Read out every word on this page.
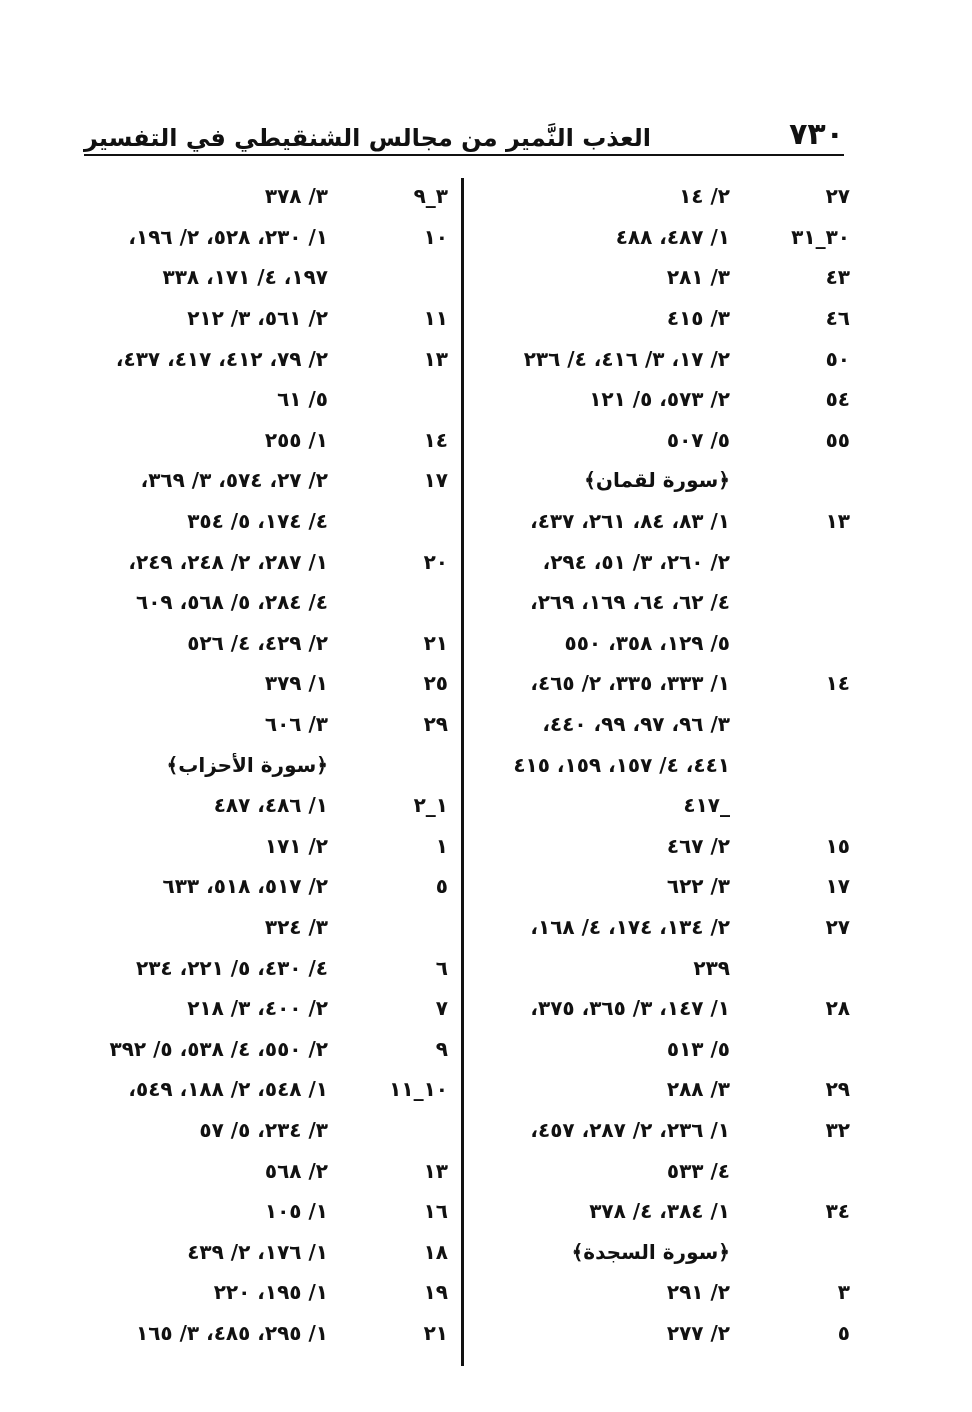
٧٣٠
العذب النَّمير من مجالس الشنقيطي في التفسير
٢٧
٢/ ١٤
٣٠_٣١
١/ ٤٨٧، ٤٨٨
٤٣
٣/ ٢٨١
٤٦
٣/ ٤١٥
٥٠
٢/ ١٧، ٣/ ٤١٦، ٤/ ٢٣٦
٥٤
٢/ ٥٧٣، ٥/ ١٢١
٥٥
٥/ ٥٠٧
﴿سورة لقمان﴾
١٣
١/ ٨٣، ٨٤، ٢٦١، ٤٣٧،
٢/ ٢٦٠، ٣/ ٥١، ٢٩٤،
٤/ ٦٢، ٦٤، ١٦٩، ٢٦٩،
٥/ ١٢٩، ٣٥٨، ٥٥٠
١٤
١/ ٣٣٣، ٣٣٥، ٢/ ٤٦٥،
٣/ ٩٦، ٩٧، ٩٩، ٤٤٠،
٤٤١، ٤/ ١٥٧، ١٥٩، ٤١٥
_٤١٧
١٥
٢/ ٤٦٧
١٧
٣/ ٦٢٢
٢٧
٢/ ١٣٤، ١٧٤، ٤/ ١٦٨،
٢٣٩
٢٨
١/ ١٤٧، ٣/ ٣٦٥، ٣٧٥،
٥/ ٥١٣
٢٩
٣/ ٢٨٨
٣٢
١/ ٢٣٦، ٢/ ٢٨٧، ٤٥٧،
٤/ ٥٣٣
٣٤
١/ ٣٨٤، ٤/ ٣٧٨
﴿سورة السجدة﴾
٣
٢/ ٢٩١
٥
٢/ ٢٧٧
٣_٩
٣/ ٣٧٨
١٠
١/ ٢٣٠، ٥٢٨، ٢/ ١٩٦،
١٩٧، ٤/ ١٧١، ٣٣٨
١١
٢/ ٥٦١، ٣/ ٢١٢
١٣
٢/ ٧٩، ٤١٢، ٤١٧، ٤٣٧،
٥/ ٦١
١٤
١/ ٢٥٥
١٧
٢/ ٢٧، ٥٧٤، ٣/ ٣٦٩،
٤/ ١٧٤، ٥/ ٣٥٤
٢٠
١/ ٢٨٧، ٢/ ٢٤٨، ٢٤٩،
٤/ ٢٨٤، ٥/ ٥٦٨، ٦٠٩
٢١
٢/ ٤٢٩، ٤/ ٥٢٦
٢٥
١/ ٣٧٩
٢٩
٣/ ٦٠٦
﴿سورة الأحزاب﴾
١_٢
١/ ٤٨٦، ٤٨٧
١
٢/ ١٧١
٥
٢/ ٥١٧، ٥١٨، ٦٣٣
٣/ ٣٢٤
٦
٤/ ٤٣٠، ٥/ ٢٢١، ٢٣٤
٧
٢/ ٤٠٠، ٣/ ٢١٨
٩
٢/ ٥٥٠، ٤/ ٥٣٨، ٥/ ٣٩٢
١٠_١١
١/ ٥٤٨، ٢/ ١٨٨، ٥٤٩،
٣/ ٢٣٤، ٥/ ٥٧
١٣
٢/ ٥٦٨
١٦
١/ ١٠٥
١٨
١/ ١٧٦، ٢/ ٤٣٩
١٩
١/ ١٩٥، ٢٢٠
٢١
١/ ٢٩٥، ٤٨٥، ٣/ ١٦٥
